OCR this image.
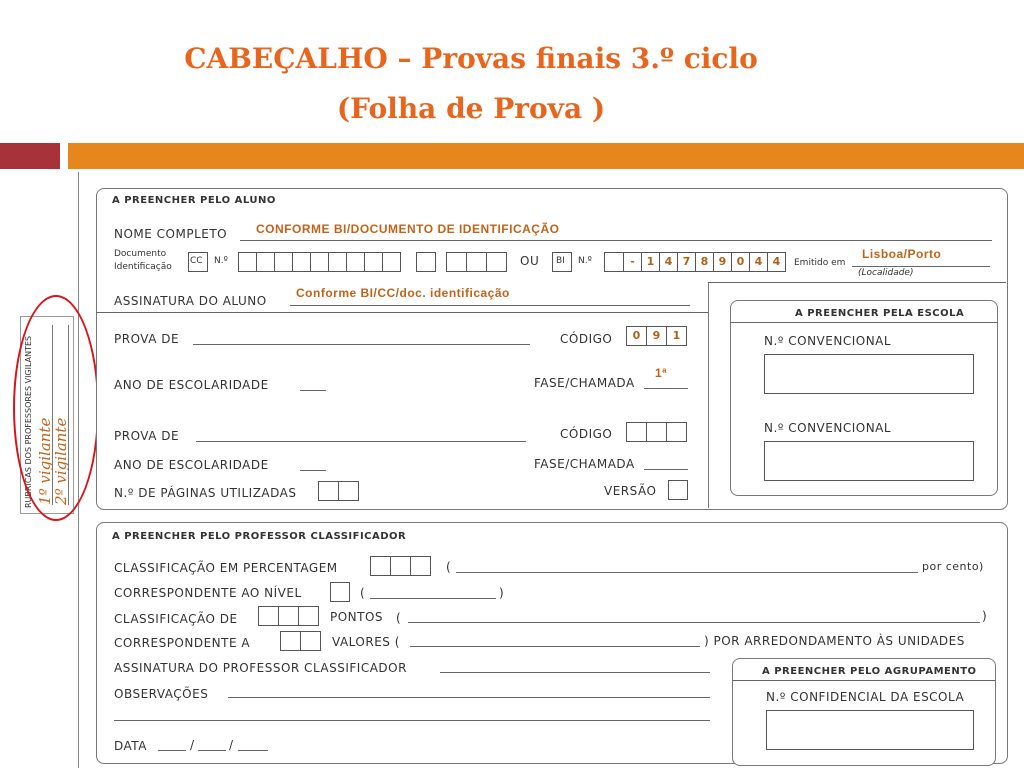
CABEÇALHO – Provas finais 3.º ciclo
(Folha de Prova )
RUBRICAS DOS PROFESSORES VIGILANTES 1º vigilante
2º vigilante
A PREENCHER PELO ALUNO
NOME COMPLETO CONFORME BI/DOCUMENTO DE IDENTIFICAÇÃO
Documento
Identificação
CC N.º	OU BI N.º	-	1 4 7 8 9 0 4 4	Emitido em
Lisboa/Porto
(Localidade)
ASSINATURA DO ALUNO
Conforme BI/CC/doc. identificação
PROVA DE	CÓDIGO	0	9	1
ANO DE ESCOLARIDADE	FASE/CHAMADA
1ª
PROVA DE	CÓDIGO
ANO DE ESCOLARIDADE	FASE/CHAMADA
N.º DE PÁGINAS UTILIZADAS	VERSÃO
A PREENCHER PELA ESCOLA
N.º CONVENCIONAL
N.º CONVENCIONAL
A PREENCHER PELO PROFESSOR CLASSIFICADOR
CLASSIFICAÇÃO EM PERCENTAGEM	(	por cento)
CORRESPONDENTE AO NÍVEL	(	)
CLASSIFICAÇÃO DE	PONTOS (	)
CORRESPONDENTE A	VALORES (	) POR ARREDONDAMENTO ÀS UNIDADES
ASSINATURA DO PROFESSOR CLASSIFICADOR
OBSERVAÇÕES
DATA	/	/
A PREENCHER PELO AGRUPAMENTO
N.º CONFIDENCIAL DA ESCOLA
